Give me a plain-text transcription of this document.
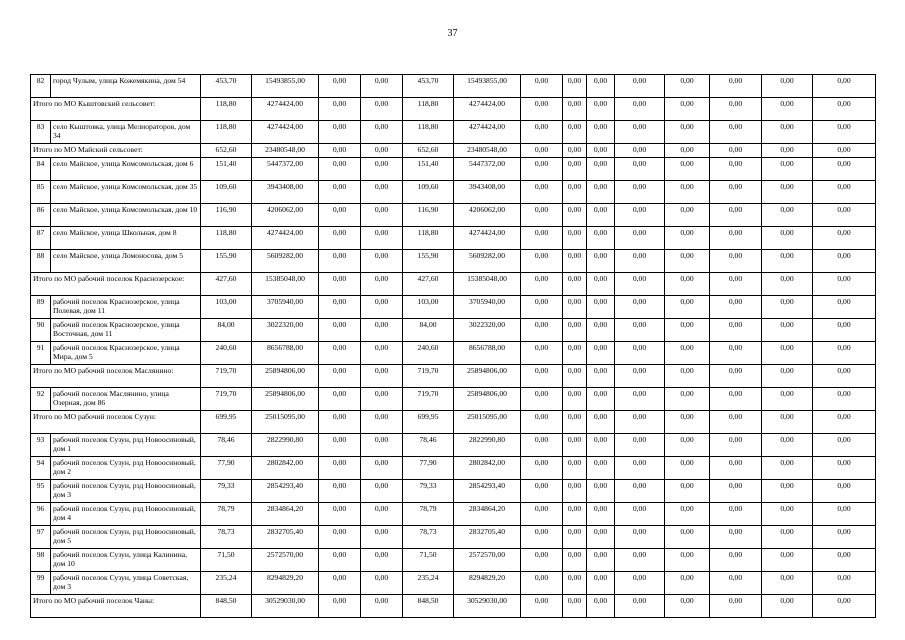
37
82	город Чулым, улица Кожемякина, дом 54	453,70	15493855,00	0,00	0,00	453,70	15493855,00	0,00	0,00	0,00	0,00	0,00	0,00	0,00	0,00
Итого по МО Кыштовский сельсовет:		118,80	4274424,00	0,00	0,00	118,80	4274424,00	0,00	0,00	0,00	0,00	0,00	0,00	0,00	0,00
83	село Кыштовка, улица Мелиораторов, дом 34	118,80	4274424,00	0,00	0,00	118,80	4274424,00	0,00	0,00	0,00	0,00	0,00	0,00	0,00	0,00
Итого по МО Майский сельсовет:		652,60	23480548,00	0,00	0,00	652,60	23480548,00	0,00	0,00	0,00	0,00	0,00	0,00	0,00	0,00
84	село Майское, улица Комсомольская, дом 6	151,40	5447372,00	0,00	0,00	151,40	5447372,00	0,00	0,00	0,00	0,00	0,00	0,00	0,00	0,00
85	село Майское, улица Комсомольская, дом 35	109,60	3943408,00	0,00	0,00	109,60	3943408,00	0,00	0,00	0,00	0,00	0,00	0,00	0,00	0,00
86	село Майское, улица Комсомольская, дом 10	116,90	4206062,00	0,00	0,00	116,90	4206062,00	0,00	0,00	0,00	0,00	0,00	0,00	0,00	0,00
87	село Майское, улица Школьная, дом 8	118,80	4274424,00	0,00	0,00	118,80	4274424,00	0,00	0,00	0,00	0,00	0,00	0,00	0,00	0,00
88	село Майское, улица Ломоносова, дом 5	155,90	5609282,00	0,00	0,00	155,90	5609282,00	0,00	0,00	0,00	0,00	0,00	0,00	0,00	0,00
Итого по МО рабочий поселок Краснозерское:		427,60	15385048,00	0,00	0,00	427,60	15385048,00	0,00	0,00	0,00	0,00	0,00	0,00	0,00	0,00
89	рабочий поселок Краснозерское, улица Полевая, дом 11	103,00	3705940,00	0,00	0,00	103,00	3705940,00	0,00	0,00	0,00	0,00	0,00	0,00	0,00	0,00
90	рабочий поселок Краснозерское, улица Восточная, дом 11	84,00	3022320,00	0,00	0,00	84,00	3022320,00	0,00	0,00	0,00	0,00	0,00	0,00	0,00	0,00
91	рабочий поселок Краснозерское, улица Мира, дом 5	240,60	8656788,00	0,00	0,00	240,60	8656788,00	0,00	0,00	0,00	0,00	0,00	0,00	0,00	0,00
Итого по МО рабочий поселок Маслянино:		719,70	25894806,00	0,00	0,00	719,70	25894806,00	0,00	0,00	0,00	0,00	0,00	0,00	0,00	0,00
92	рабочий поселок Маслянино, улица Озерная, дом 86	719,70	25894806,00	0,00	0,00	719,70	25894806,00	0,00	0,00	0,00	0,00	0,00	0,00	0,00	0,00
Итого по МО рабочий поселок Сузун:		699,95	25015095,00	0,00	0,00	699,95	25015095,00	0,00	0,00	0,00	0,00	0,00	0,00	0,00	0,00
93	рабочий поселок Сузун, рзд Новоосиновый, дом 1	78,46	2822990,80	0,00	0,00	78,46	2822990,80	0,00	0,00	0,00	0,00	0,00	0,00	0,00	0,00
94	рабочий поселок Сузун, рзд Новоосиновый, дом 2	77,90	2802842,00	0,00	0,00	77,90	2802842,00	0,00	0,00	0,00	0,00	0,00	0,00	0,00	0,00
95	рабочий поселок Сузун, рзд Новоосиновый, дом 3	79,33	2854293,40	0,00	0,00	79,33	2854293,40	0,00	0,00	0,00	0,00	0,00	0,00	0,00	0,00
96	рабочий поселок Сузун, рзд Новоосиновый, дом 4	78,79	2834864,20	0,00	0,00	78,79	2834864,20	0,00	0,00	0,00	0,00	0,00	0,00	0,00	0,00
97	рабочий поселок Сузун, рзд Новоосиновый, дом 5	78,73	2832705,40	0,00	0,00	78,73	2832705,40	0,00	0,00	0,00	0,00	0,00	0,00	0,00	0,00
98	рабочий поселок Сузун, улица Калинина, дом 10	71,50	2572570,00	0,00	0,00	71,50	2572570,00	0,00	0,00	0,00	0,00	0,00	0,00	0,00	0,00
99	рабочий поселок Сузун, улица Советская, дом 3	235,24	8294829,20	0,00	0,00	235,24	8294829,20	0,00	0,00	0,00	0,00	0,00	0,00	0,00	0,00
Итого по МО рабочий поселок Чаны:		848,50	30529030,00	0,00	0,00	848,50	30529030,00	0,00	0,00	0,00	0,00	0,00	0,00	0,00	0,00
